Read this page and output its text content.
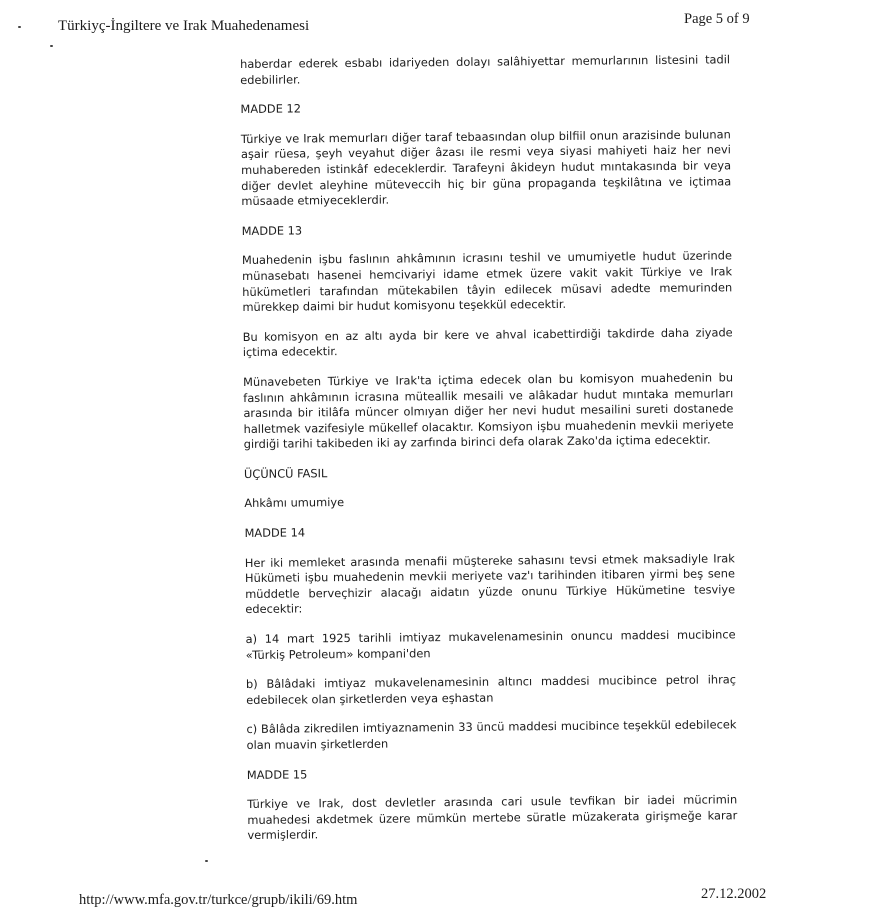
Türkiyç-İngiltere ve Irak Muahedenamesi	Page 5 of 9

haberdar ederek esbabı idariyeden dolayı salâhiyettar memurlarının listesini tadil edebilirler.

MADDE 12

Türkiye ve Irak memurları diğer taraf tebaasından olup bilfiil onun arazisinde bulunan aşair rüesa, şeyh veyahut diğer âzası ile resmi veya siyasi mahiyeti haiz her nevi muhabereden istinkâf edeceklerdir. Tarafeyni âkideyn hudut mıntakasında bir veya diğer devlet aleyhine müteveccih hiç bir güna propaganda teşkilâtına ve içtimaa müsaade etmiyeceklerdir.

MADDE 13

Muahedenin işbu faslının ahkâmının icrasını teshil ve umumiyetle hudut üzerinde münasebatı hasenei hemcivariyi idame etmek üzere vakit vakit Türkiye ve Irak hükümetleri tarafından mütekabilen tâyin edilecek müsavi adedte memurinden mürekkep daimi bir hudut komisyonu teşekkül edecektir.

Bu komisyon en az altı ayda bir kere ve ahval icabettirdiği takdirde daha ziyade içtima edecektir.

Münavebeten Türkiye ve Irak'ta içtima edecek olan bu komisyon muahedenin bu faslının ahkâmının icrasına müteallik mesaili ve alâkadar hudut mıntaka memurları arasında bir itilâfa müncer olmıyan diğer her nevi hudut mesailini sureti dostanede halletmek vazifesiyle mükellef olacaktır. Komsiyon işbu muahedenin mevkii meriyete girdiği tarihi takibeden iki ay zarfında birinci defa olarak Zako'da içtima edecektir.

ÜÇÜNCÜ FASIL

Ahkâmı umumiye

MADDE 14

Her iki memleket arasında menafii müştereke sahasını tevsi etmek maksadiyle Irak Hükümeti işbu muahedenin mevkii meriyete vaz'ı tarihinden itibaren yirmi beş sene müddetle berveçhizir alacağı aidatın yüzde onunu Türkiye Hükümetine tesviye edecektir:

a) 14 mart 1925 tarihli imtiyaz mukavelenamesinin onuncu maddesi mucibince «Türkiş Petroleum» kompani'den

b) Bâlâdaki imtiyaz mukavelenamesinin altıncı maddesi mucibince petrol ihraç edebilecek olan şirketlerden veya eşhastan

c) Bâlâda zikredilen imtiyaznamenin 33 üncü maddesi mucibince teşekkül edebilecek olan muavin şirketlerden

MADDE 15

Türkiye ve Irak, dost devletler arasında cari usule tevfikan bir iadei mücrimin muahedesi akdetmek üzere mümkün mertebe süratle müzakerata girişmeğe karar vermişlerdir.

http://www.mfa.gov.tr/turkce/grupb/ikili/69.htm	27.12.2002
